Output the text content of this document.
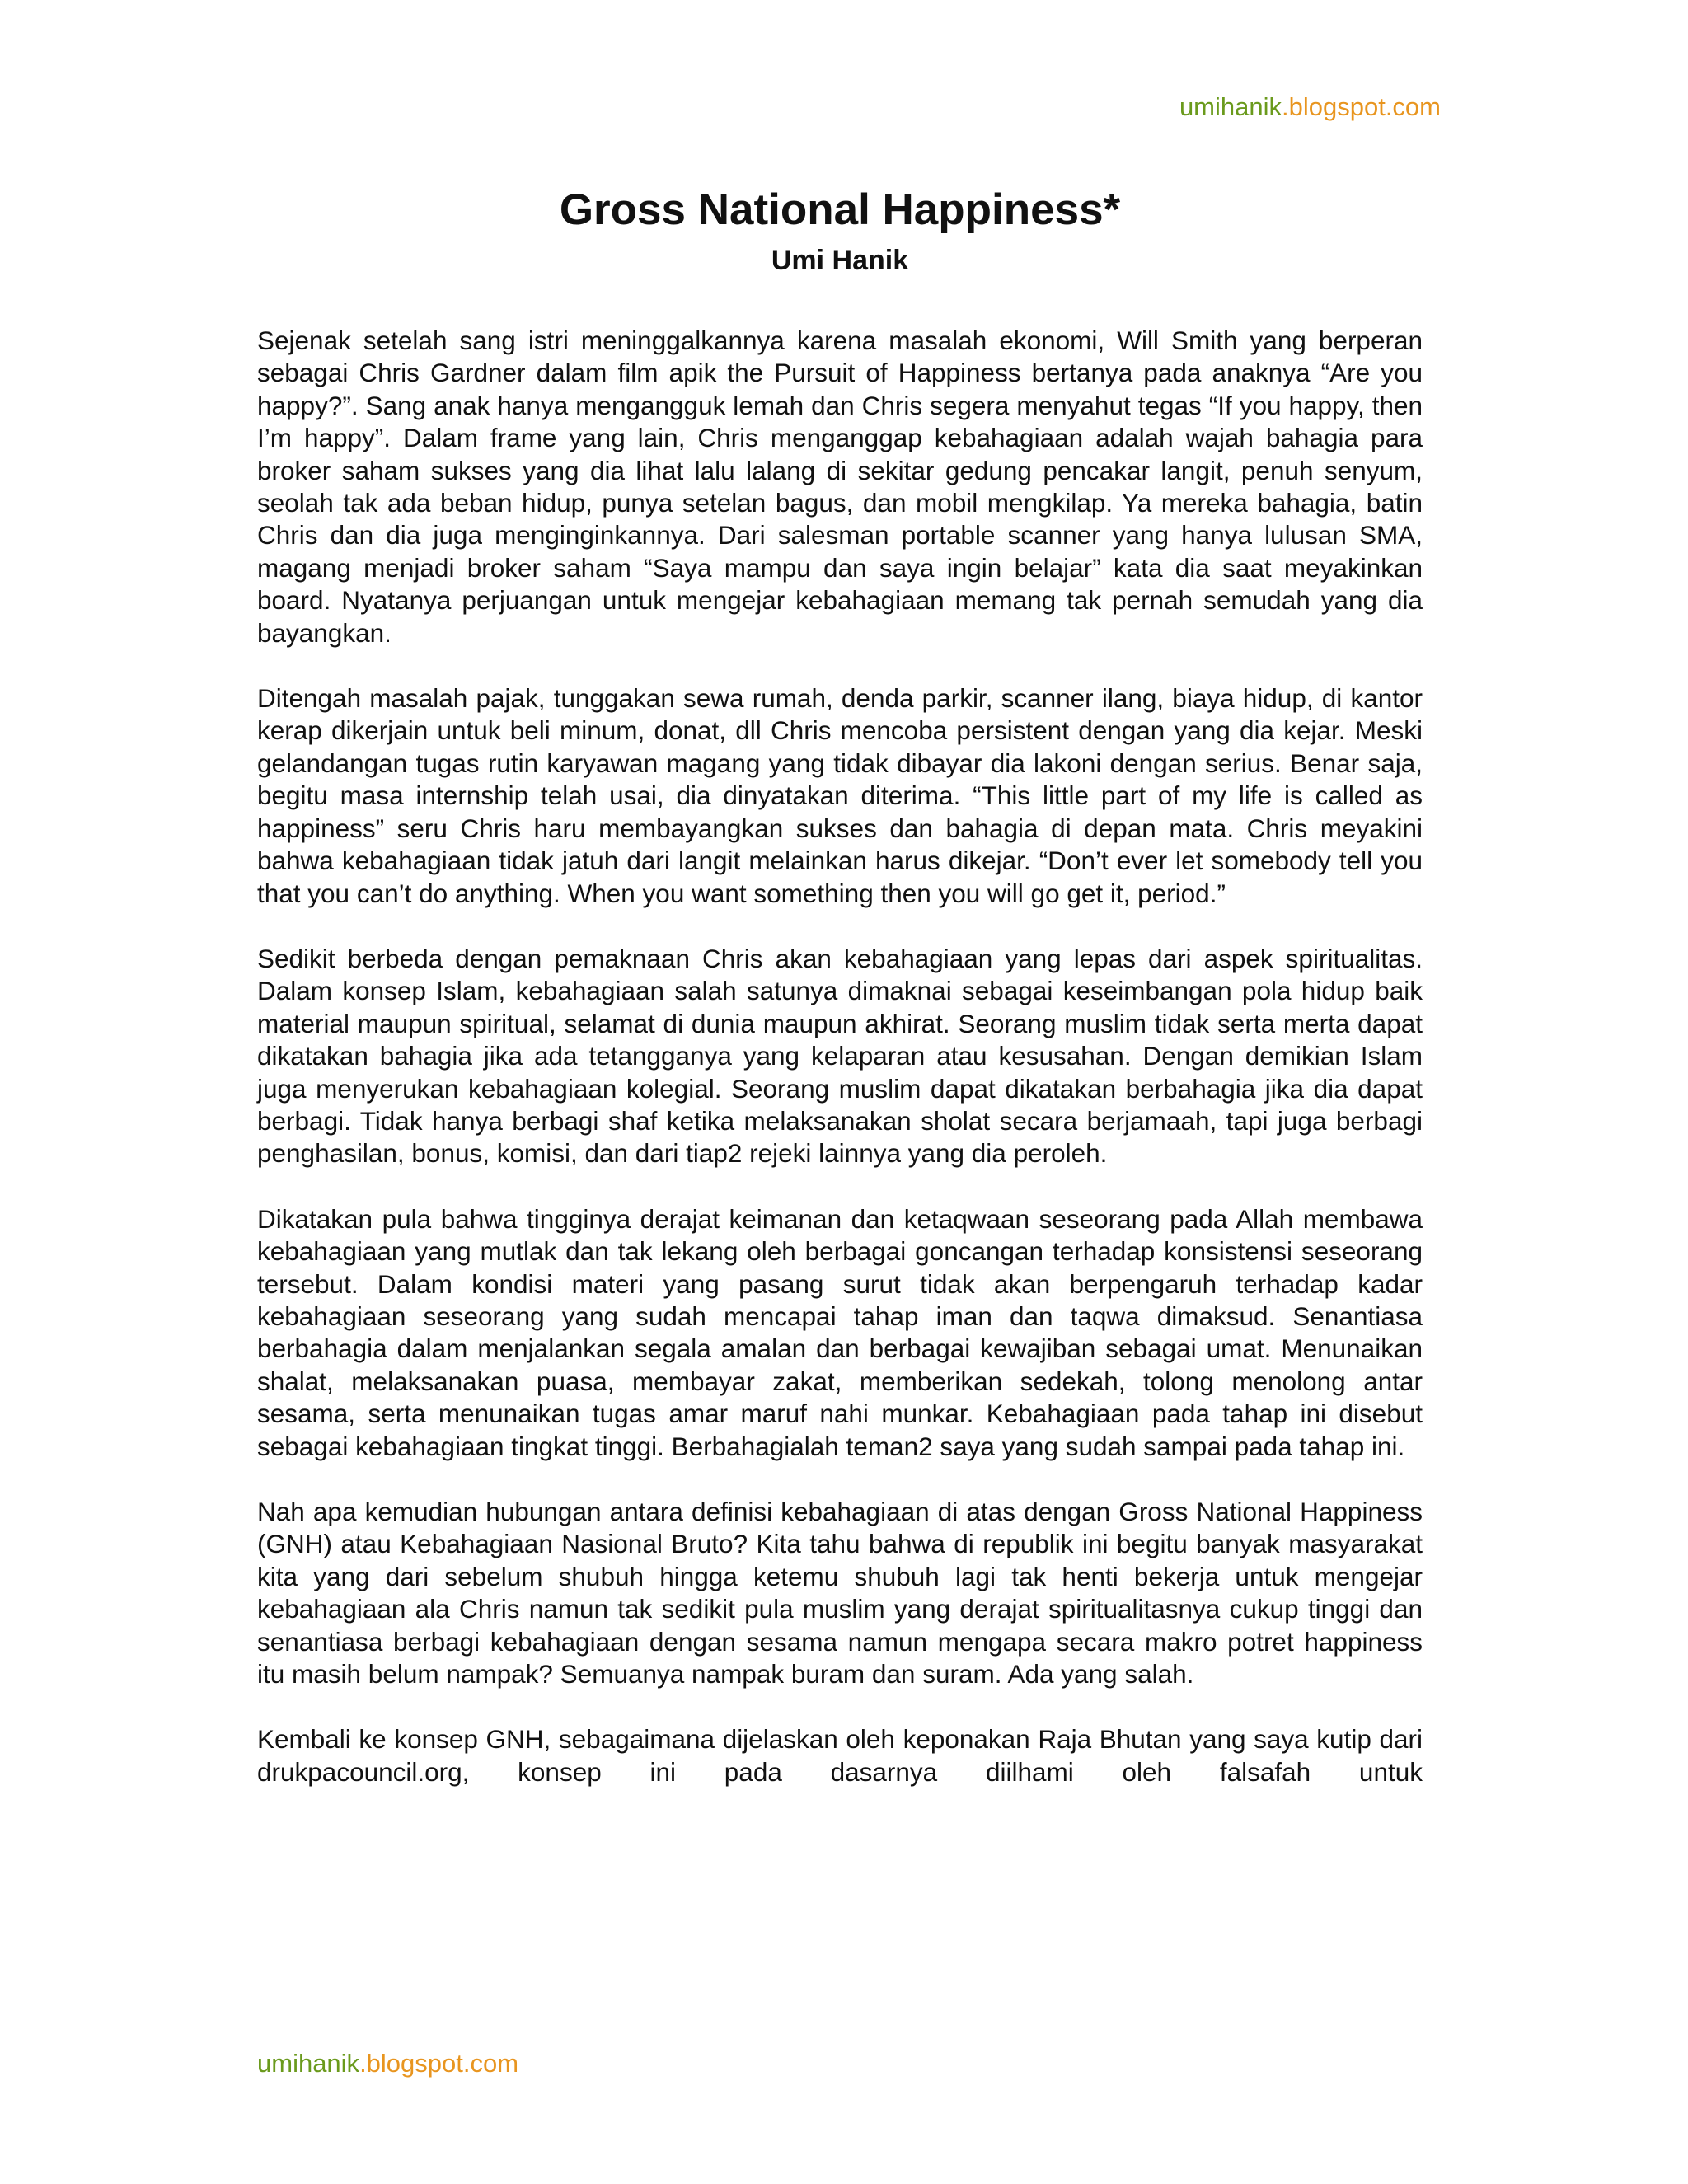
umihanik.blogspot.com
Gross National Happiness*
Umi Hanik

Sejenak setelah sang istri meninggalkannya karena masalah ekonomi, Will Smith yang berperan sebagai Chris Gardner dalam film apik the Pursuit of Happiness bertanya pada anaknya “Are you happy?”. Sang anak hanya mengangguk lemah dan Chris segera menyahut tegas “If you happy, then I’m happy”. Dalam frame yang lain, Chris menganggap kebahagiaan adalah wajah bahagia para broker saham sukses yang dia lihat lalu lalang di sekitar gedung pencakar langit, penuh senyum, seolah tak ada beban hidup, punya setelan bagus, dan mobil mengkilap. Ya mereka bahagia, batin Chris dan dia juga menginginkannya. Dari salesman portable scanner yang hanya lulusan SMA, magang menjadi broker saham “Saya mampu dan saya ingin belajar” kata dia saat meyakinkan board. Nyatanya perjuangan untuk mengejar kebahagiaan memang tak pernah semudah yang dia bayangkan.

Ditengah masalah pajak, tunggakan sewa rumah, denda parkir, scanner ilang, biaya hidup, di kantor kerap dikerjain untuk beli minum, donat, dll Chris mencoba persistent dengan yang dia kejar. Meski gelandangan tugas rutin karyawan magang yang tidak dibayar dia lakoni dengan serius. Benar saja, begitu masa internship telah usai, dia dinyatakan diterima. “This little part of my life is called as happiness” seru Chris haru membayangkan sukses dan bahagia di depan mata. Chris meyakini bahwa kebahagiaan tidak jatuh dari langit melainkan harus dikejar. “Don’t ever let somebody tell you that you can’t do anything. When you want something then you will go get it, period.”

Sedikit berbeda dengan pemaknaan Chris akan kebahagiaan yang lepas dari aspek spiritualitas. Dalam konsep Islam, kebahagiaan salah satunya dimaknai sebagai keseimbangan pola hidup baik material maupun spiritual, selamat di dunia maupun akhirat. Seorang muslim tidak serta merta dapat dikatakan bahagia jika ada tetangganya yang kelaparan atau kesusahan. Dengan demikian Islam juga menyerukan kebahagiaan kolegial. Seorang muslim dapat dikatakan berbahagia jika dia dapat berbagi. Tidak hanya berbagi shaf ketika melaksanakan sholat secara berjamaah, tapi juga berbagi penghasilan, bonus, komisi, dan dari tiap2 rejeki lainnya yang dia peroleh.

Dikatakan pula bahwa tingginya derajat keimanan dan ketaqwaan seseorang pada Allah membawa kebahagiaan yang mutlak dan tak lekang oleh berbagai goncangan terhadap konsistensi seseorang tersebut. Dalam kondisi materi yang pasang surut tidak akan berpengaruh terhadap kadar kebahagiaan seseorang yang sudah mencapai tahap iman dan taqwa dimaksud. Senantiasa berbahagia dalam menjalankan segala amalan dan berbagai kewajiban sebagai umat. Menunaikan shalat, melaksanakan puasa, membayar zakat, memberikan sedekah, tolong menolong antar sesama, serta menunaikan tugas amar maruf nahi munkar. Kebahagiaan pada tahap ini disebut sebagai kebahagiaan tingkat tinggi. Berbahagialah teman2 saya yang sudah sampai pada tahap ini.

Nah apa kemudian hubungan antara definisi kebahagiaan di atas dengan Gross National Happiness (GNH) atau Kebahagiaan Nasional Bruto? Kita tahu bahwa di republik ini begitu banyak masyarakat kita yang dari sebelum shubuh hingga ketemu shubuh lagi tak henti bekerja untuk mengejar kebahagiaan ala Chris namun tak sedikit pula muslim yang derajat spiritualitasnya cukup tinggi dan senantiasa berbagi kebahagiaan dengan sesama namun mengapa secara makro potret happiness itu masih belum nampak? Semuanya nampak buram dan suram. Ada yang salah.

Kembali ke konsep GNH, sebagaimana dijelaskan oleh keponakan Raja Bhutan yang saya kutip dari drukpacouncil.org, konsep ini pada dasarnya diilhami oleh falsafah untuk

umihanik.blogspot.com
